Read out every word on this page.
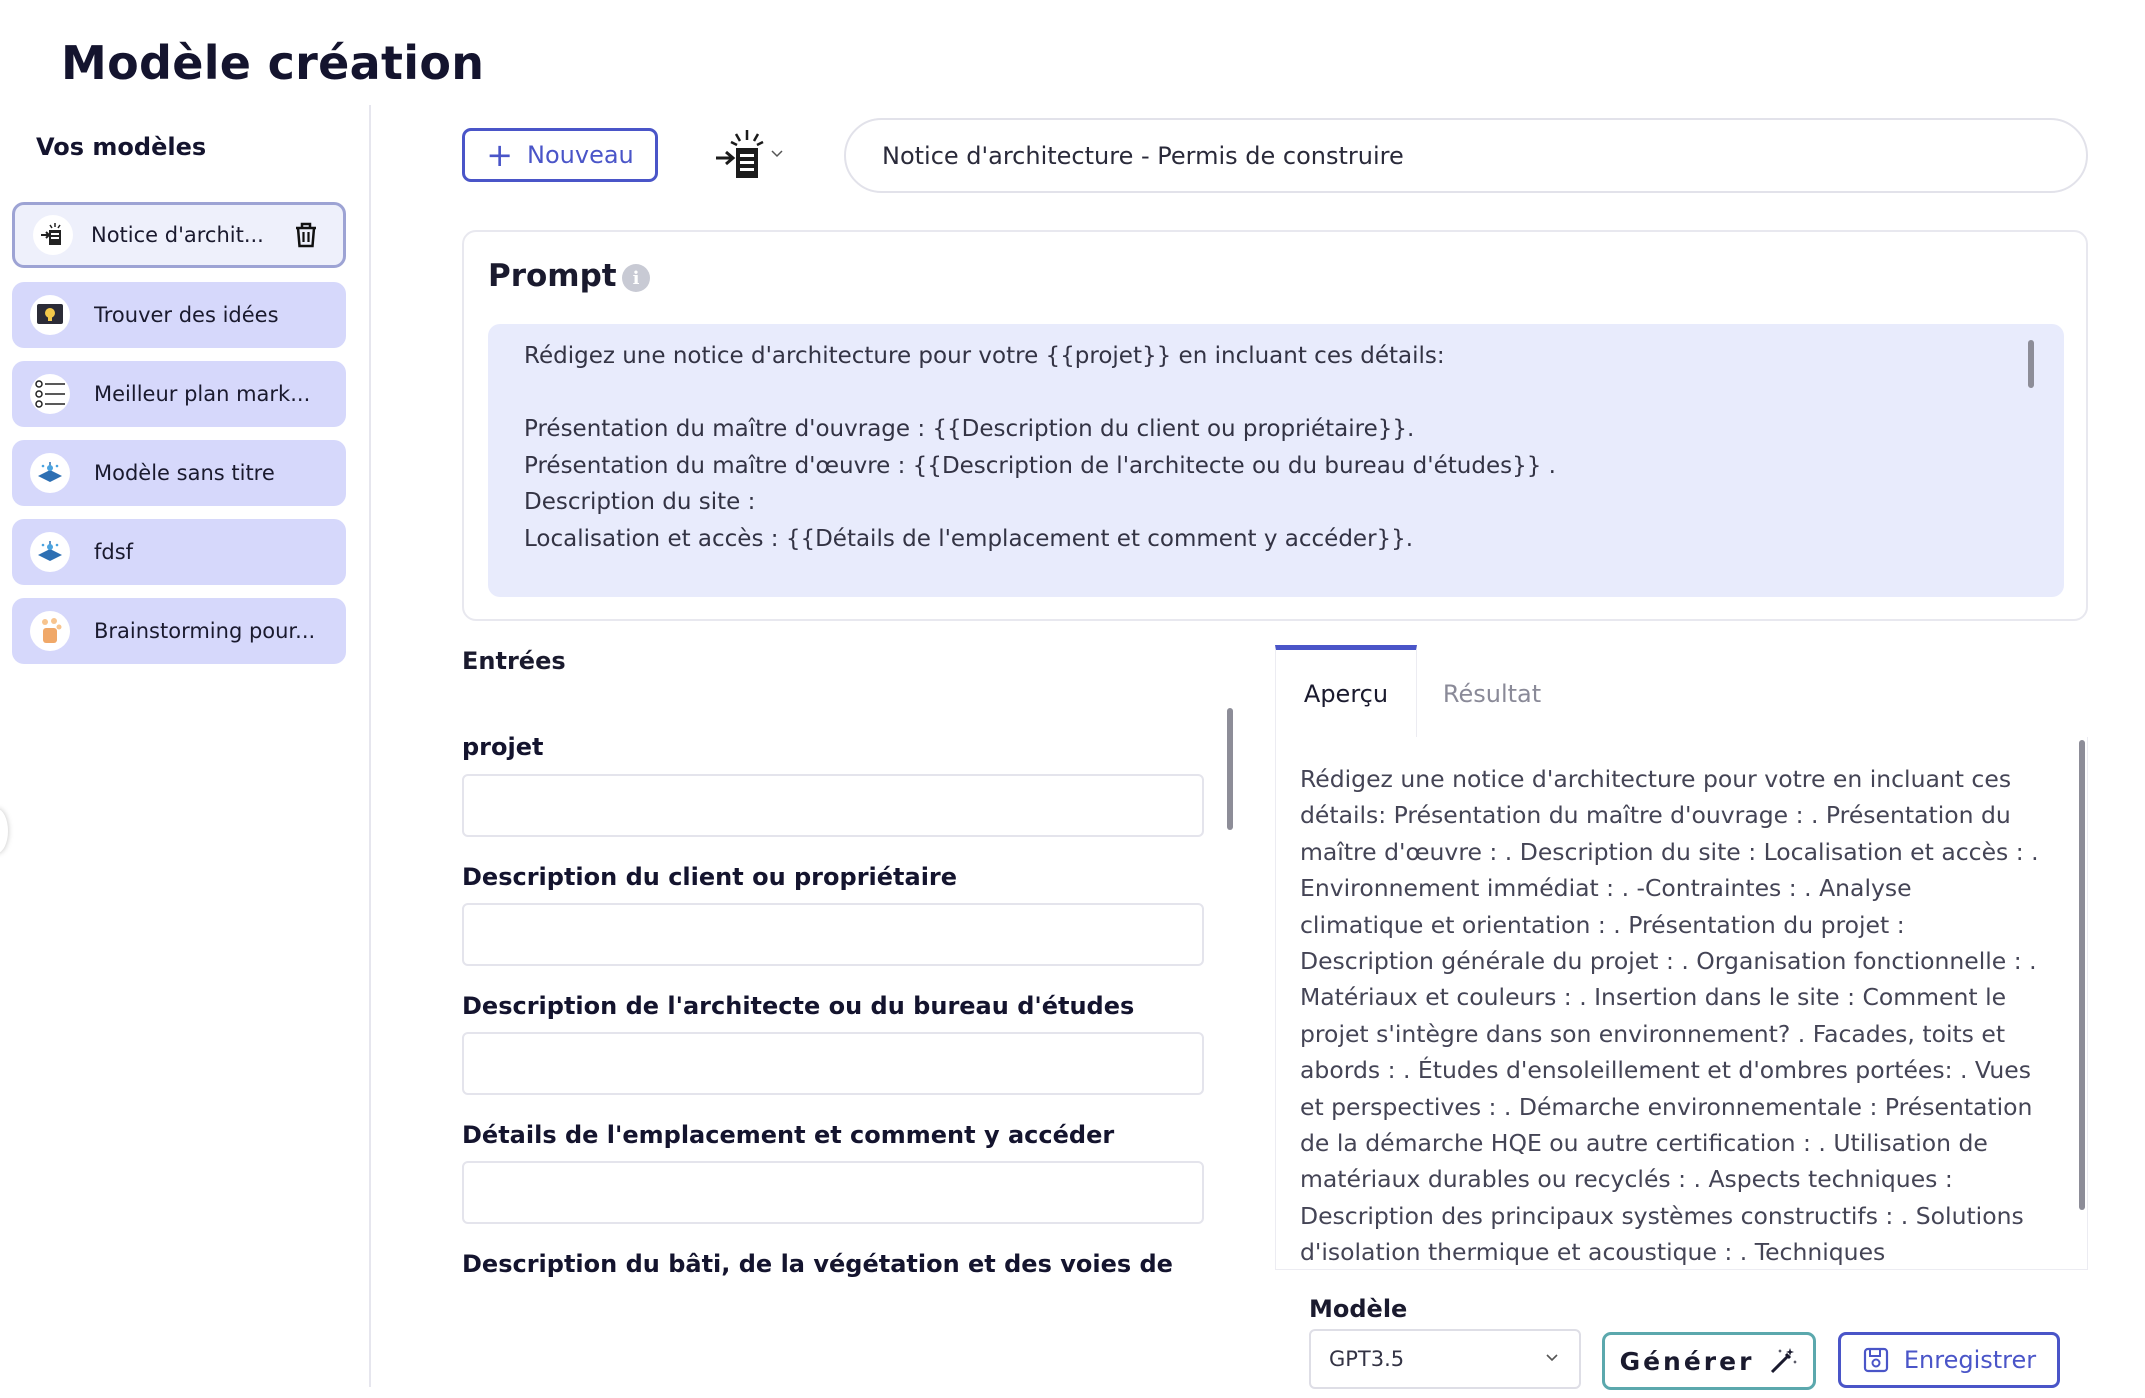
Modèle création
Vos modèles
Notice d'archit...
Trouver des idées
Meilleur plan mark...
Modèle sans titre
fdsf
Brainstorming pour...
+ Nouveau
Notice d'architecture - Permis de construire
Prompt i
Rédigez une notice d'architecture pour votre {{projet}} en incluant ces détails:

Présentation du maître d'ouvrage : {{Description du client ou propriétaire}}.
Présentation du maître d'œuvre : {{Description de l'architecte ou du bureau d'études}} .
Description du site :
Localisation et accès : {{Détails de l'emplacement et comment y accéder}}.
Entrées
projet
Description du client ou propriétaire
Description de l'architecte ou du bureau d'études
Détails de l'emplacement et comment y accéder
Description du bâti, de la végétation et des voies de
Aperçu	Résultat
Rédigez une notice d'architecture pour votre en incluant ces
détails: Présentation du maître d'ouvrage : . Présentation du
maître d'œuvre : . Description du site : Localisation et accès : .
Environnement immédiat : . -Contraintes : . Analyse
climatique et orientation : . Présentation du projet :
Description générale du projet : . Organisation fonctionnelle : .
Matériaux et couleurs : . Insertion dans le site : Comment le
projet s'intègre dans son environnement? . Facades, toits et
abords : . Études d'ensoleillement et d'ombres portées: . Vues
et perspectives : . Démarche environnementale : Présentation
de la démarche HQE ou autre certification : . Utilisation de
matériaux durables ou recyclés : . Aspects techniques :
Description des principaux systèmes constructifs : . Solutions
d'isolation thermique et acoustique : . Techniques
Modèle
GPT3.5	Générer	Enregistrer
